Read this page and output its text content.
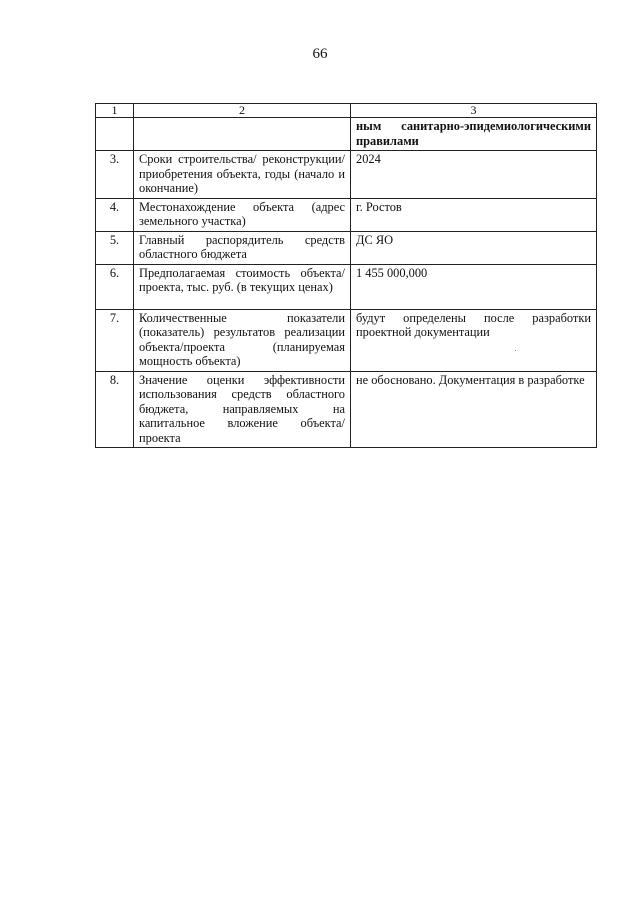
66
1	2	3
		ным санитарно-эпидемиологическими правилами
3.	Сроки строительства/ реконструкции/ приобретения объекта, годы (начало и окончание)	2024
4.	Местонахождение объекта (адрес земельного участка)	г. Ростов
5.	Главный распорядитель средств областного бюджета	ДС ЯО
6.	Предполагаемая стоимость объекта/проекта, тыс. руб. (в текущих ценах)	1 455 000,000
7.	Количественные показатели (показатель) результатов реализации объекта/проекта (планируемая мощность объекта)	будут определены после разработки проектной документации
8.	Значение оценки эффективности использования средств областного бюджета, направляемых на капитальное вложение объекта/проекта	не обосновано. Документация в разработке
